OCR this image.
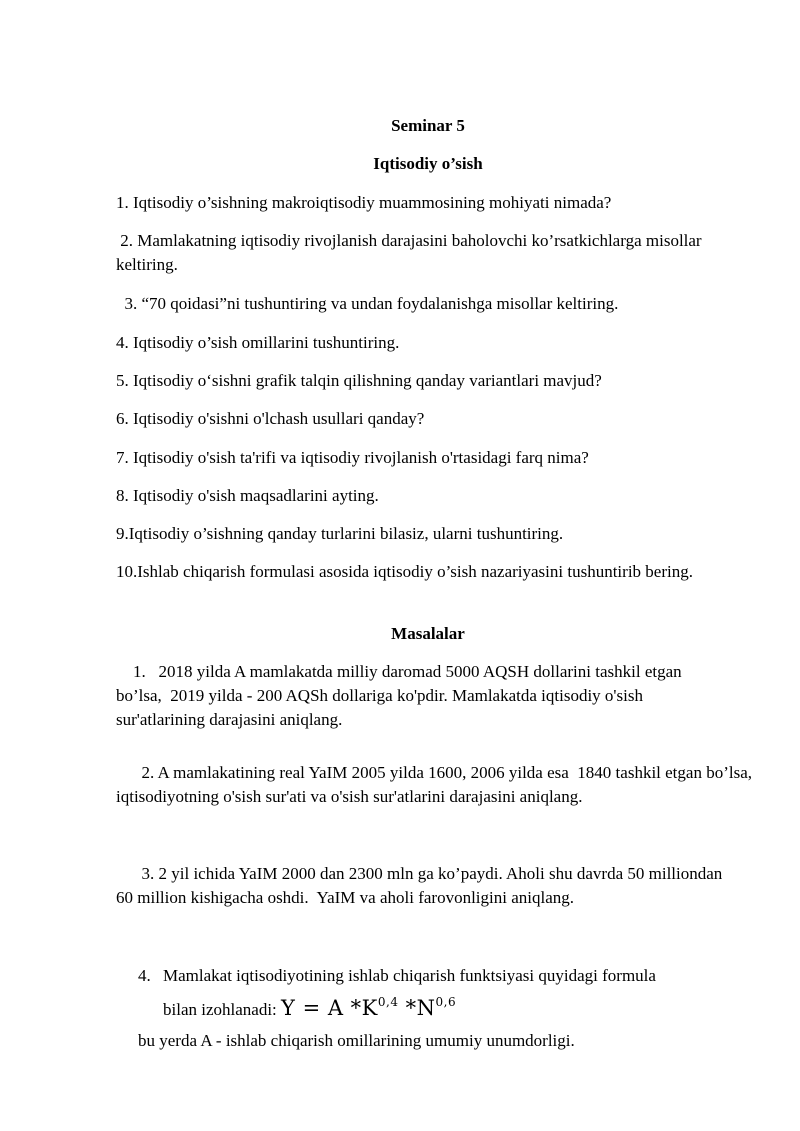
Seminar 5
Iqtisodiy o’sish

1. Iqtisodiy o’sishning makroiqtisodiy muammosining mohiyati nimada?

2. Mamlakatning iqtisodiy rivojlanish darajasini baholovchi ko’rsatkichlarga misollar keltiring.

3. “70 qoidasi”ni tushuntiring va undan foydalanishga misollar keltiring.

4. Iqtisodiy o’sish omillarini tushuntiring.

5. Iqtisodiy o‘sishni grafik talqin qilishning qanday variantlari mavjud?

6. Iqtisodiy o'sishni o'lchash usullari qanday?

7. Iqtisodiy o'sish ta'rifi va iqtisodiy rivojlanish o'rtasidagi farq nima?

8. Iqtisodiy o'sish maqsadlarini ayting.

9.Iqtisodiy o’sishning qanday turlarini bilasiz, ularni tushuntiring.

10.Ishlab chiqarish formulasi asosida iqtisodiy o’sish nazariyasini tushuntirib bering.

Masalalar

1.   2018 yilda A mamlakatda milliy daromad 5000 AQSH dollarini tashkil etgan bo’lsa,  2019 yilda - 200 AQSh dollariga ko'pdir. Mamlakatda iqtisodiy o'sish sur'atlarining darajasini aniqlang.

2. A mamlakatining real YaIM 2005 yilda 1600, 2006 yilda esa  1840 tashkil etgan bo’lsa,  iqtisodiyotning o'sish sur'ati va o'sish sur'atlarini darajasini aniqlang.

3. 2 yil ichida YaIM 2000 dan 2300 mln ga ko’paydi. Aholi shu davrda 50 milliondan 60 million kishigacha oshdi.  YaIM va aholi farovonligini aniqlang.

4. Mamlakat iqtisodiyotining ishlab chiqarish funktsiyasi quyidagi formula
bilan izohlanadi: Y = A $*K^{0,4}$ $*N^{0,6}$

bu yerda A - ishlab chiqarish omillarining umumiy unumdorligi.
